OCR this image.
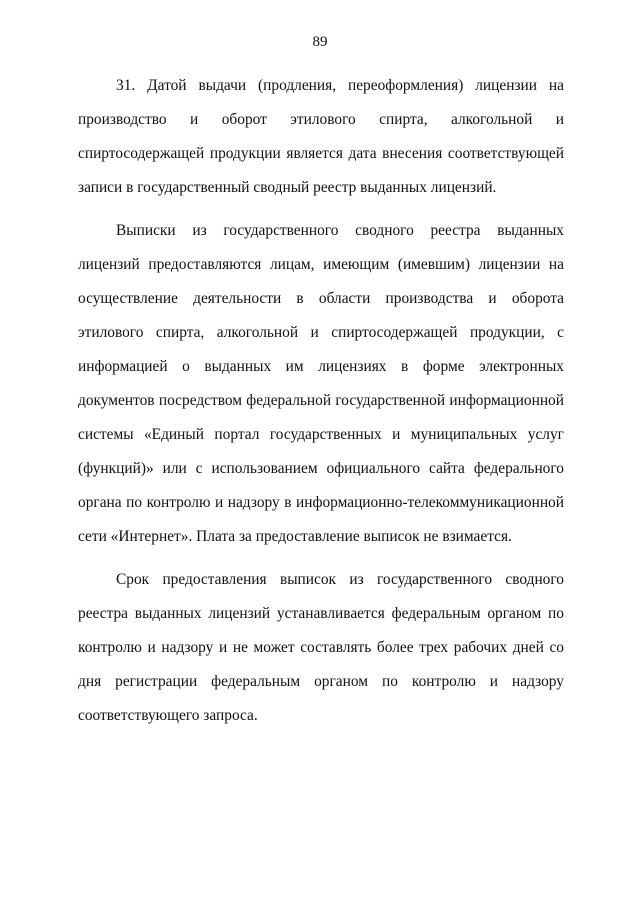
89

31. Датой выдачи (продления, переоформления) лицензии на производство и оборот этилового спирта, алкогольной и спиртосодержащей продукции является дата внесения соответствующей записи в государственный сводный реестр выданных лицензий.

Выписки из государственного сводного реестра выданных лицензий предоставляются лицам, имеющим (имевшим) лицензии на осуществление деятельности в области производства и оборота этилового спирта, алкогольной и спиртосодержащей продукции, с информацией о выданных им лицензиях в форме электронных документов посредством федеральной государственной информационной системы «Единый портал государственных и муниципальных услуг (функций)» или с использованием официального сайта федерального органа по контролю и надзору в информационно-телекоммуникационной сети «Интернет». Плата за предоставление выписок не взимается.

Срок предоставления выписок из государственного сводного реестра выданных лицензий устанавливается федеральным органом по контролю и надзору и не может составлять более трех рабочих дней со дня регистрации федеральным органом по контролю и надзору соответствующего запроса.
